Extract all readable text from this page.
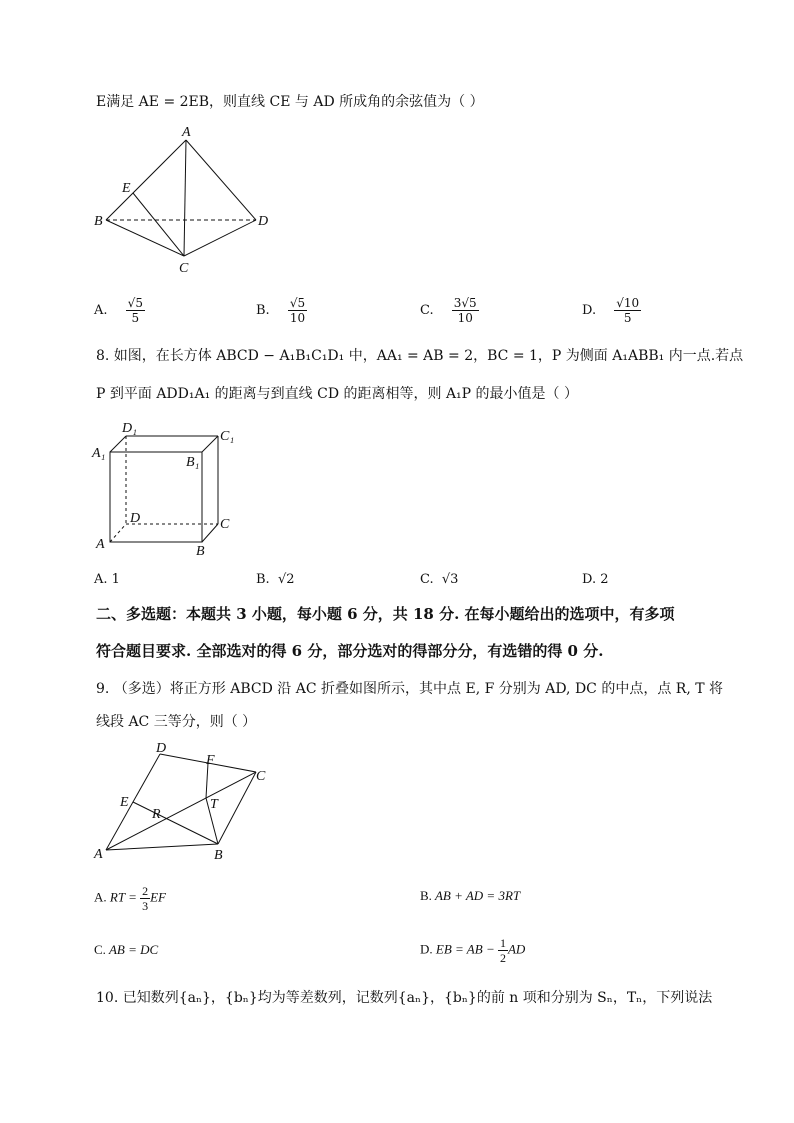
E满足 AE = 2EB，则直线 CE 与 AD 所成角的余弦值为（ ）
A
E
B	D
C
A. $\frac{√5}{5}$	B. $\frac{√5}{10}$	C. $\frac{3√5}{10}$	D. $\frac{√10}{5}$
8. 如图，在长方体 ABCD − A₁B₁C₁D₁ 中，AA₁ = AB = 2，BC = 1，P 为侧面 A₁ABB₁ 内一点.若点
P 到平面 ADD₁A₁ 的距离与到直线 CD 的距离相等，则 A₁P 的最小值是（ ）
D₁
C₁
A₁
B₁
D	C
A	B
A. 1	B. √2	C. √3	D. 2
二、多选题：本题共 3 小题，每小题 6 分，共 18 分. 在每小题给出的选项中，有多项
符合题目要求. 全部选对的得 6 分，部分选对的得部分分，有选错的得 0 分.
9. （多选）将正方形 ABCD 沿 AC 折叠如图所示，其中点 E, F 分别为 AD, DC 的中点，点 R, T 将
线段 AC 三等分，则（ ）
D
F
C
E	T
R
A	B
A. RT = $\frac{2}{3}$ EF	B. AB + AD = 3RT
C. AB = DC	D. EB = AB − $\frac{1}{2}$ AD
10. 已知数列{aₙ}，{bₙ}均为等差数列，记数列{aₙ}，{bₙ}的前 n 项和分别为 Sₙ，Tₙ，下列说法
